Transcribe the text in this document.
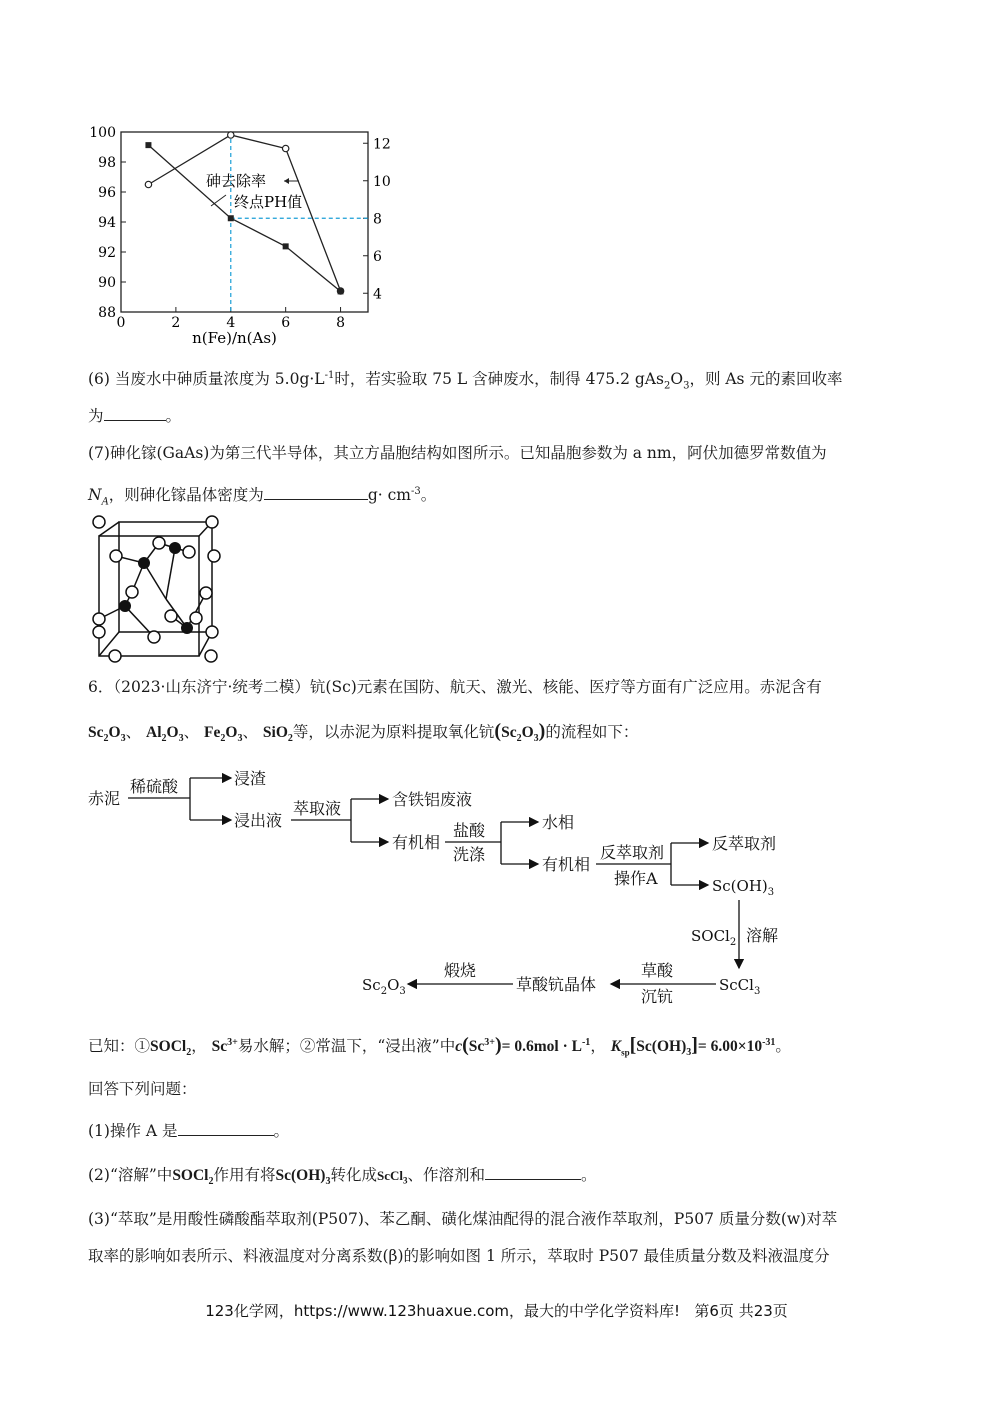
0	2	4	6	8
88
90
92
94
96
98
100
4
6
8
10
12
砷去除率
终点PH值
n(Fe)/n(As)
(6) 当废水中砷质量浓度为 $5.0g\cdot L^{-1}$时，若实验取 75 L 含砷废水，制得 475.2 $gAs_2O_3$，则 As 元的素回收率
为	。
(7)砷化镓(GaAs)为第三代半导体，其立方晶胞结构如图所示。已知晶胞参数为 a nm，阿伏加德罗常数值为
$N_A$，则砷化镓晶体密度为	$g\cdot cm^{-3}$。
6．（2023·山东济宁·统考二模）钪(Sc)元素在国防、航天、激光、核能、医疗等方面有广泛应用。赤泥含有
$Sc_2O_3$、 $Al_2O_3$、 $Fe_2O_3$、 SiO$_2$等，以赤泥为原料提取氧化钪$(Sc_2O_3)$的流程如下：
赤泥
稀硫酸	浸渣
浸出液
萃取液	含铁铝废液
有机相
盐酸
洗涤
水相
有机相
反萃取剂
操作A
反萃取剂
$Sc(OH)_3$
SOCl$_2$ 溶解
ScCl$_3$
草酸
沉钪
草酸钪晶体
煅烧
$Sc_2O_3$
已知：①SOCl$_2$， $Sc^{3+}$易水解；②常温下，“浸出液”中$c(Sc^{3+})= 0.6mol \cdot L^{-1}$， $K_{sp}[Sc(OH)_3]= 6.00\times 10^{-31}$。
回答下列问题：
(1)操作 A 是	。
(2)“溶解”中SOCl$_2$作用有将$Sc(OH)_3$转化成ScCl$_3$、作溶剂和	。
(3)“萃取”是用酸性磷酸酯萃取剂(P507)、苯乙酮、磺化煤油配得的混合液作萃取剂，P507 质量分数(w)对萃
取率的影响如表所示、料液温度对分离系数(β)的影响如图 1 所示，萃取时 P507 最佳质量分数及料液温度分
123化学网，https://www.123huaxue.com，最大的中学化学资料库! 第6页 共23页
